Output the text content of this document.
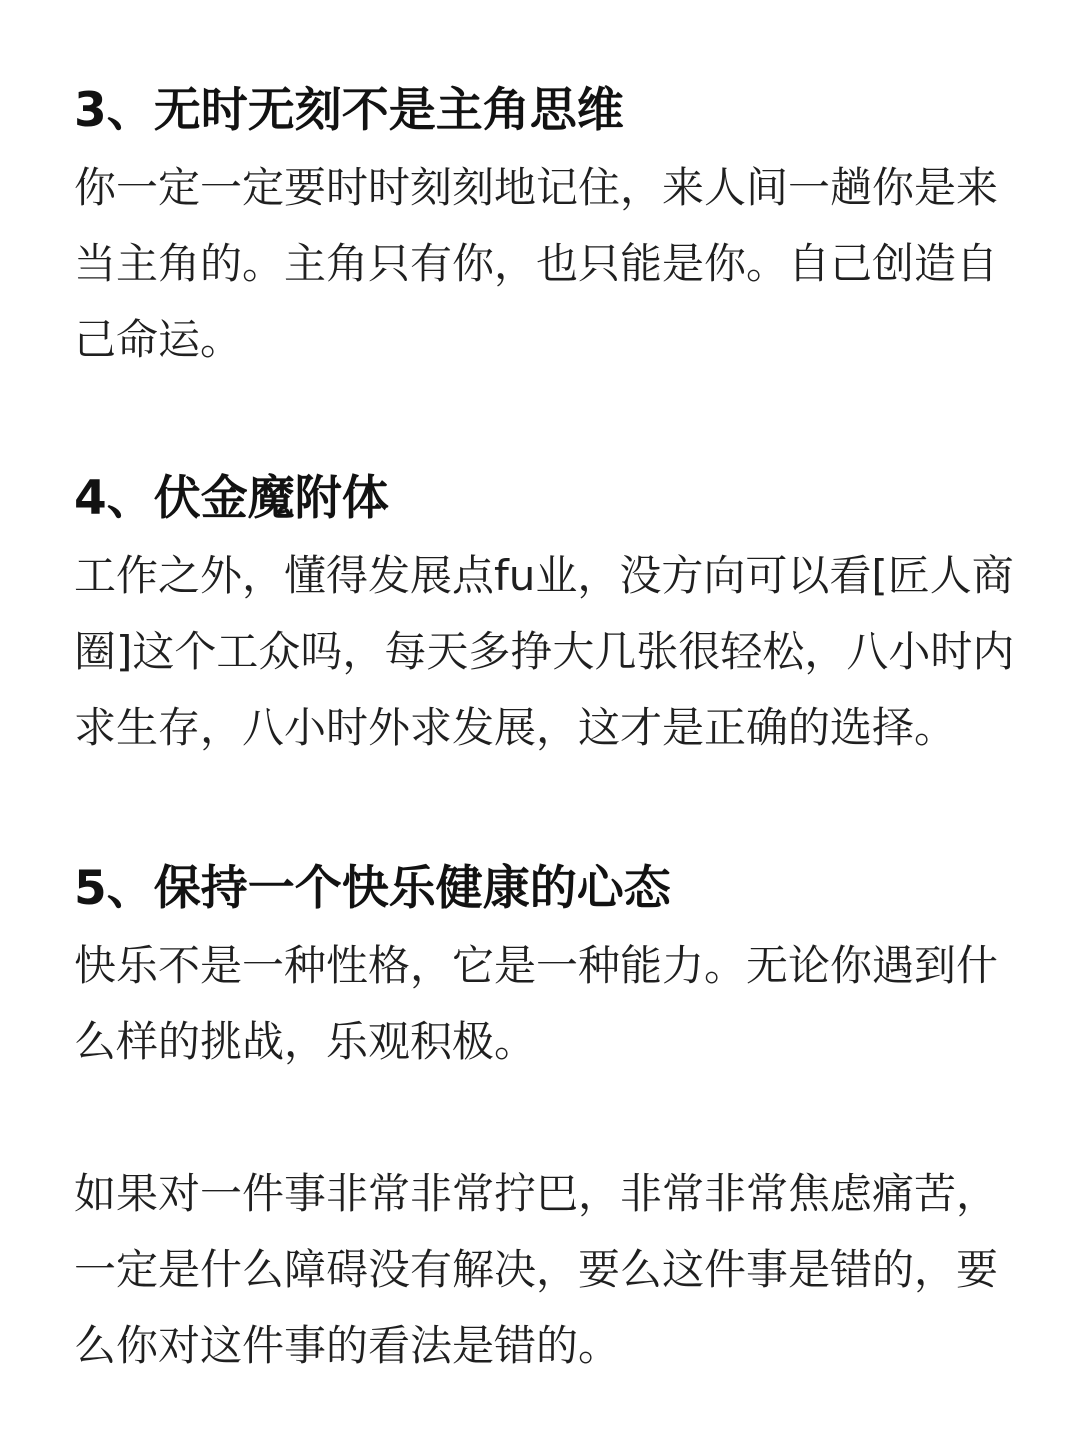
3、无时无刻不是主角思维

你一定一定要时时刻刻地记住，来人间一趟你是来

当主角的。主角只有你，也只能是你。自己创造自

己命运。

4、伏金魔附体

工作之外，懂得发展点fu业，没方向可以看[匠人商

圈]这个工众吗，每天多挣大几张很轻松，八小时内

求生存，八小时外求发展，这才是正确的选择。

5、保持一个快乐健康的心态

快乐不是一种性格，它是一种能力。无论你遇到什

么样的挑战，乐观积极。

如果对一件事非常非常拧巴，非常非常焦虑痛苦，

一定是什么障碍没有解决，要么这件事是错的，要

么你对这件事的看法是错的。
